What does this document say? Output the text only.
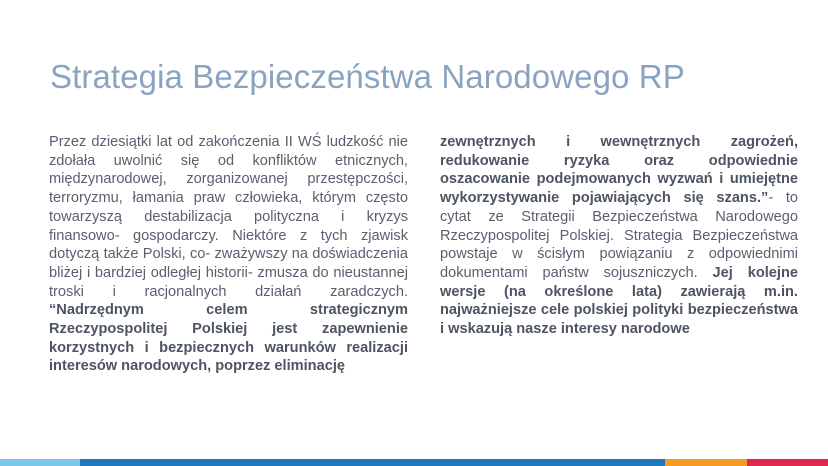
Strategia Bezpieczeństwa Narodowego RP
Przez dziesiątki lat od zakończenia II WŚ ludzkość nie zdołała uwolnić się od konfliktów etnicznych, międzynarodowej, zorganizowanej przestępczości, terroryzmu, łamania praw człowieka, którym często towarzyszą destabilizacja polityczna i kryzys finansowo- gospodarczy. Niektóre z tych zjawisk dotyczą także Polski, co- zważywszy na doświadczenia bliżej i bardziej odległej historii- zmusza do nieustannej troski i racjonalnych działań zaradczych. “Nadrzędnym celem strategicznym Rzeczypospolitej Polskiej jest zapewnienie korzystnych i bezpiecznych warunków realizacji interesów narodowych, poprzez eliminację
zewnętrznych i wewnętrznych zagrożeń, redukowanie ryzyka oraz odpowiednie oszacowanie podejmowanych wyzwań i umiejętne wykorzystywanie pojawiających się szans.”- to cytat ze Strategii Bezpieczeństwa Narodowego Rzeczypospolitej Polskiej. Strategia Bezpieczeństwa powstaje w ścisłym powiązaniu z odpowiednimi dokumentami państw sojuszniczych. Jej kolejne wersje (na określone lata) zawierają m.in. najważniejsze cele polskiej polityki bezpieczeństwa i wskazują nasze interesy narodowe
